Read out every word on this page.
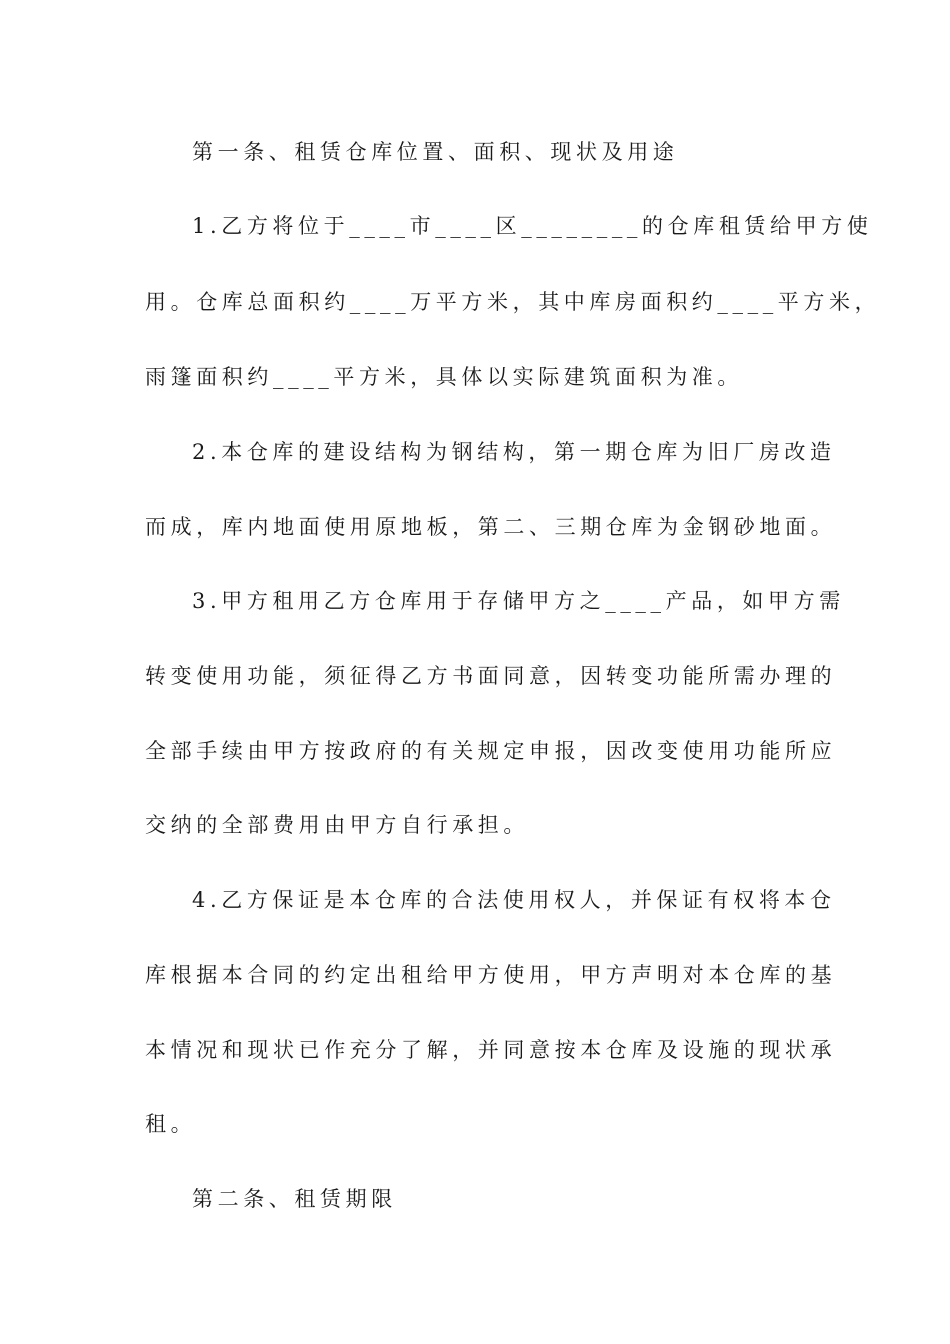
第一条、租赁仓库位置、面积、现状及用途
1.乙方将位于____市____区________的仓库租赁给甲方使
用。仓库总面积约____万平方米，其中库房面积约____平方米，
雨篷面积约____平方米，具体以实际建筑面积为准。
2.本仓库的建设结构为钢结构，第一期仓库为旧厂房改造
而成，库内地面使用原地板，第二、三期仓库为金钢砂地面。
3.甲方租用乙方仓库用于存储甲方之____产品，如甲方需
转变使用功能，须征得乙方书面同意，因转变功能所需办理的
全部手续由甲方按政府的有关规定申报，因改变使用功能所应
交纳的全部费用由甲方自行承担。
4.乙方保证是本仓库的合法使用权人，并保证有权将本仓
库根据本合同的约定出租给甲方使用，甲方声明对本仓库的基
本情况和现状已作充分了解，并同意按本仓库及设施的现状承
租。
第二条、租赁期限
